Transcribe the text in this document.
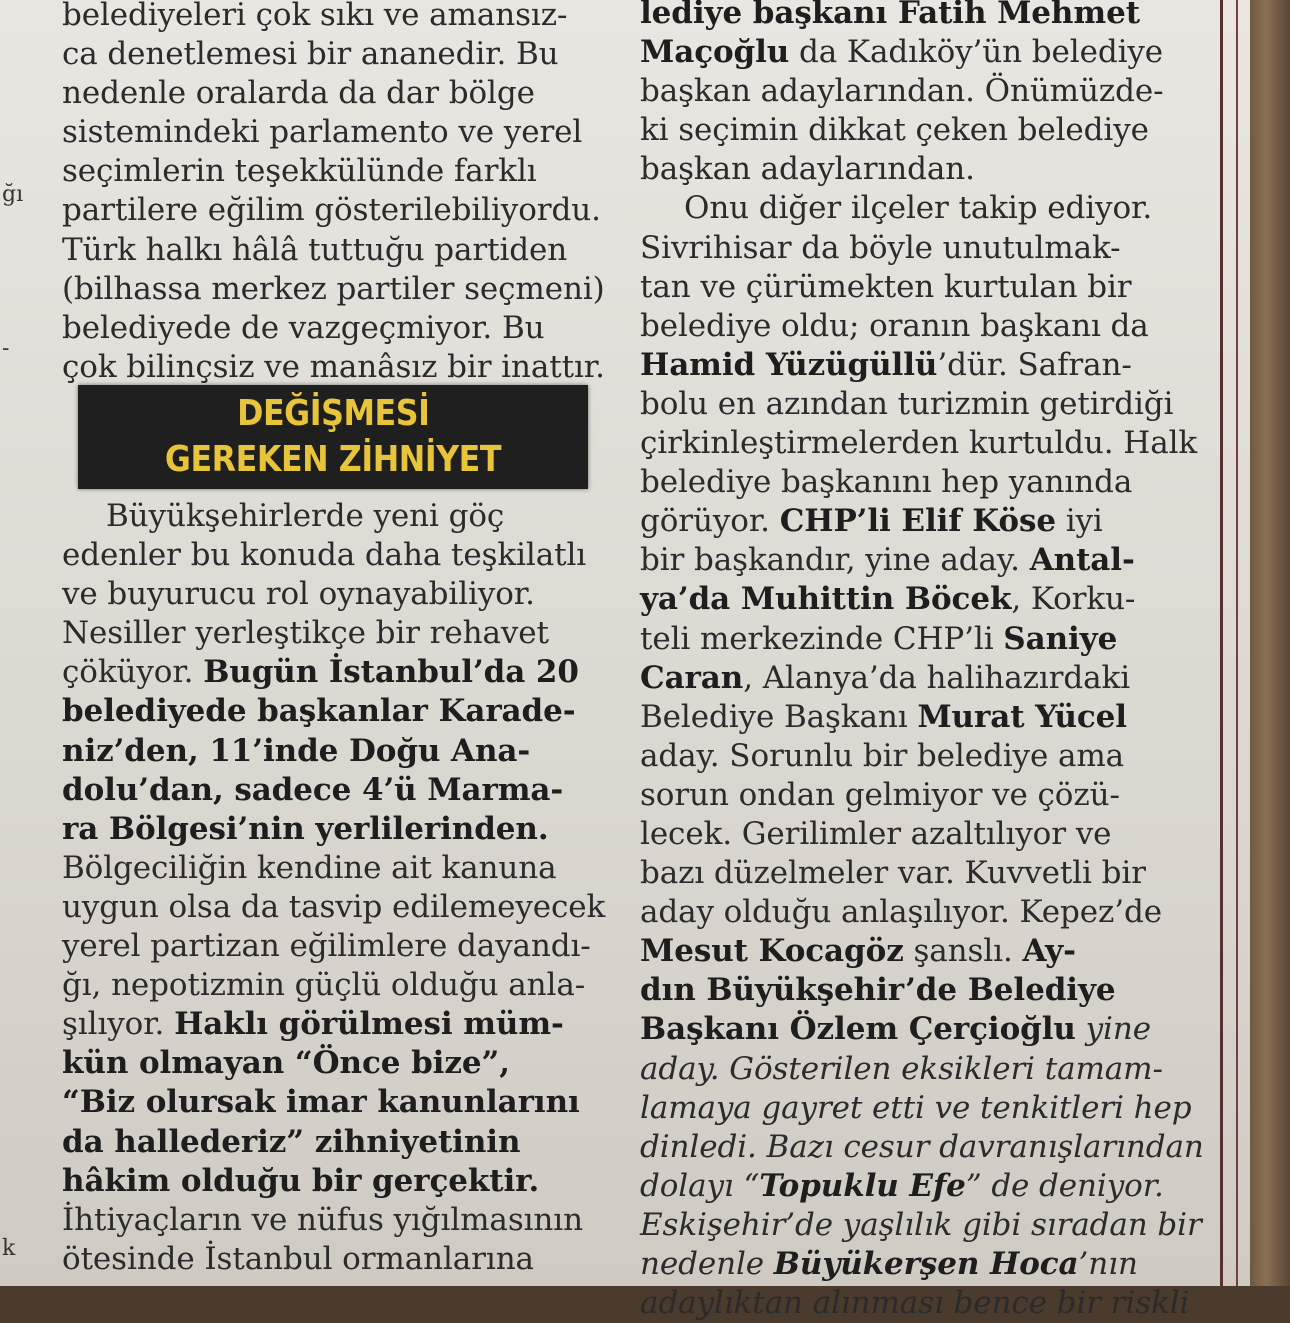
ğı
-
k
belediyeleri çok sıkı ve amansız-
ca denetlemesi bir ananedir. Bu
nedenle oralarda da dar bölge
sistemindeki parlamento ve yerel
seçimlerin teşekkülünde farklı
partilere eğilim gösterilebiliyordu.
Türk halkı hâlâ tuttuğu partiden
(bilhassa merkez partiler seçmeni)
belediyede de vazgeçmiyor. Bu
çok bilinçsiz ve manâsız bir inattır.
DEĞİŞMESİ
GEREKEN ZİHNİYET
Büyükşehirlerde yeni göç
edenler bu konuda daha teşkilatlı
ve buyurucu rol oynayabiliyor.
Nesiller yerleştikçe bir rehavet
çöküyor. Bugün İstanbul’da 20
belediyede başkanlar Karade-
niz’den, 11’inde Doğu Ana-
dolu’dan, sadece 4’ü Marma-
ra Bölgesi’nin yerlilerinden.
Bölgeciliğin kendine ait kanuna
uygun olsa da tasvip edilemeyecek
yerel partizan eğilimlere dayandı-
ğı, nepotizmin güçlü olduğu anla-
şılıyor. Haklı görülmesi müm-
kün olmayan “Önce bize”,
“Biz olursak imar kanunlarını
da hallederiz” zihniyetinin
hâkim olduğu bir gerçektir.
İhtiyaçların ve nüfus yığılmasının
ötesinde İstanbul ormanlarına
lediye başkanı Fatih Mehmet
Maçoğlu da Kadıköy’ün belediye
başkan adaylarından. Önümüzde-
ki seçimin dikkat çeken belediye
başkan adaylarından.
Onu diğer ilçeler takip ediyor.
Sivrihisar da böyle unutulmak-
tan ve çürümekten kurtulan bir
belediye oldu; oranın başkanı da
Hamid Yüzügüllü’dür. Safran-
bolu en azından turizmin getirdiği
çirkinleştirmelerden kurtuldu. Halk
belediye başkanını hep yanında
görüyor. CHP’li Elif Köse iyi
bir başkandır, yine aday. Antal-
ya’da Muhittin Böcek, Korku-
teli merkezinde CHP’li Saniye
Caran, Alanya’da halihazırdaki
Belediye Başkanı Murat Yücel
aday. Sorunlu bir belediye ama
sorun ondan gelmiyor ve çözü-
lecek. Gerilimler azaltılıyor ve
bazı düzelmeler var. Kuvvetli bir
aday olduğu anlaşılıyor. Kepez’de
Mesut Kocagöz şanslı. Ay-
dın Büyükşehir’de Belediye
Başkanı Özlem Çerçioğlu yine
aday. Gösterilen eksikleri tamam-
lamaya gayret etti ve tenkitleri hep
dinledi. Bazı cesur davranışlarından
dolayı “Topuklu Efe” de deniyor.
Eskişehir’de yaşlılık gibi sıradan bir
nedenle Büyükerşen Hoca’nın
adaylıktan alınması bence bir riskli
